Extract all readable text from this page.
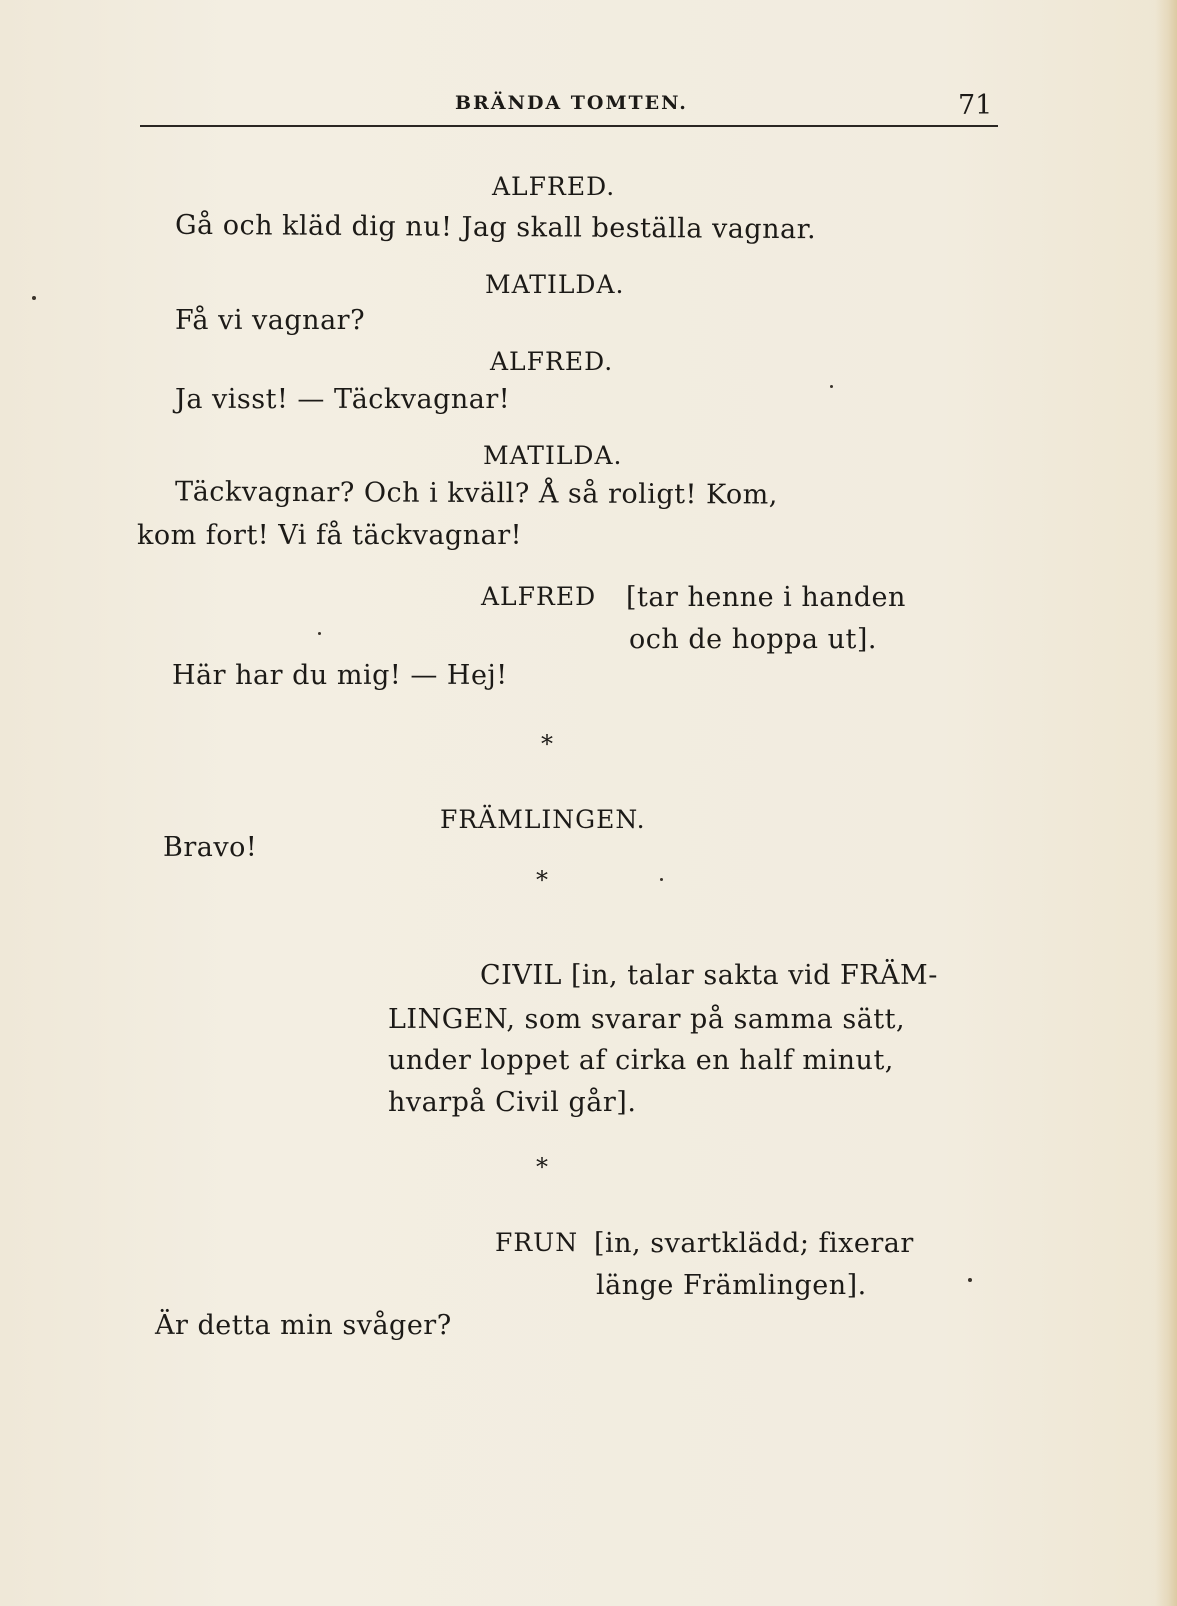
BRÄNDA TOMTEN.	71
ALFRED.
Gå och kläd dig nu! Jag skall beställa vagnar.
MATILDA.
Få vi vagnar?
ALFRED.
Ja visst! — Täckvagnar!
MATILDA.
Täckvagnar? Och i kväll? Å så roligt! Kom,
kom fort! Vi få täckvagnar!
ALFRED [tar henne i handen
och de hoppa ut].
Här har du mig! — Hej!
*
FRÄMLINGEN.
Bravo!
*
CIVIL [in, talar sakta vid FRÄM-
LINGEN, som svarar på samma sätt,
under loppet af cirka en half minut,
hvarpå Civil går].
*
FRUN [in, svartklädd; fixerar
länge Främlingen].
Är detta min svåger?
